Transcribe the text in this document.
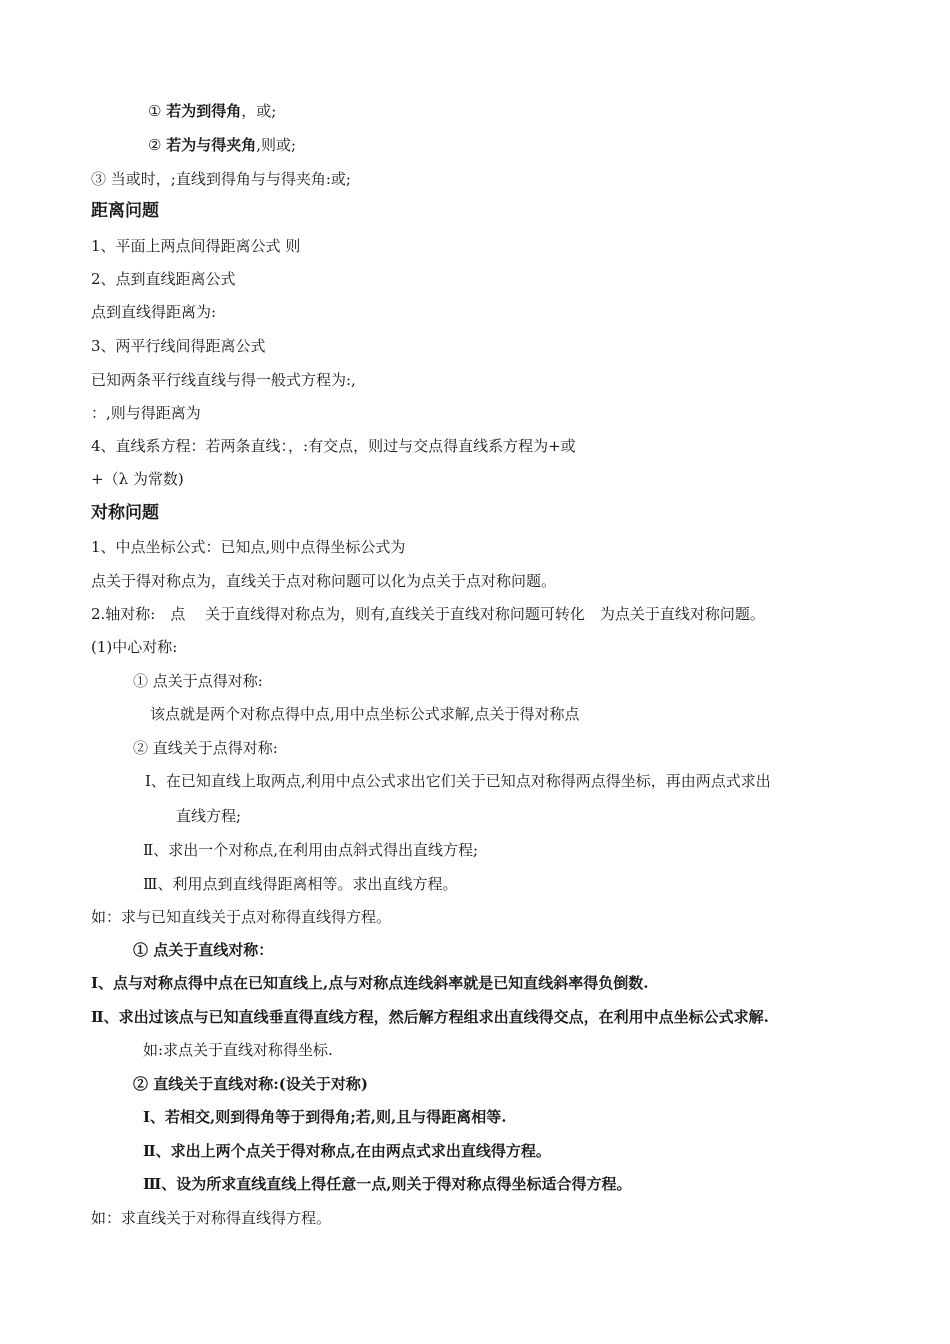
① 若为到得角，或;
② 若为与得夹角,则或;
③ 当或时，;直线到得角与与得夹角:或;
距离问题
1、平面上两点间得距离公式 则
2、点到直线距离公式
点到直线得距离为:
3、两平行线间得距离公式
已知两条平行线直线与得一般式方程为:,
：,则与得距离为
4、直线系方程：若两条直线：，:有交点，则过与交点得直线系方程为+或
+（λ 为常数)
对称问题
1、中点坐标公式：已知点,则中点得坐标公式为
点关于得对称点为，直线关于点对称问题可以化为点关于点对称问题。
2.轴对称:　点　 关于直线得对称点为，则有,直线关于直线对称问题可转化　为点关于直线对称问题。
(1)中心对称:
① 点关于点得对称:
该点就是两个对称点得中点,用中点坐标公式求解,点关于得对称点
② 直线关于点得对称:
Ⅰ、在已知直线上取两点,利用中点公式求出它们关于已知点对称得两点得坐标，再由两点式求出
直线方程;
Ⅱ、求出一个对称点,在利用由点斜式得出直线方程;
Ⅲ、利用点到直线得距离相等。求出直线方程。
如：求与已知直线关于点对称得直线得方程。
① 点关于直线对称：
Ⅰ、点与对称点得中点在已知直线上,点与对称点连线斜率就是已知直线斜率得负倒数.
Ⅱ、求出过该点与已知直线垂直得直线方程，然后解方程组求出直线得交点，在利用中点坐标公式求解.
如:求点关于直线对称得坐标.
② 直线关于直线对称:(设关于对称)
Ⅰ、若相交,则到得角等于到得角;若,则,且与得距离相等.
Ⅱ、求出上两个点关于得对称点,在由两点式求出直线得方程。
Ⅲ、设为所求直线直线上得任意一点,则关于得对称点得坐标适合得方程。
如：求直线关于对称得直线得方程。
